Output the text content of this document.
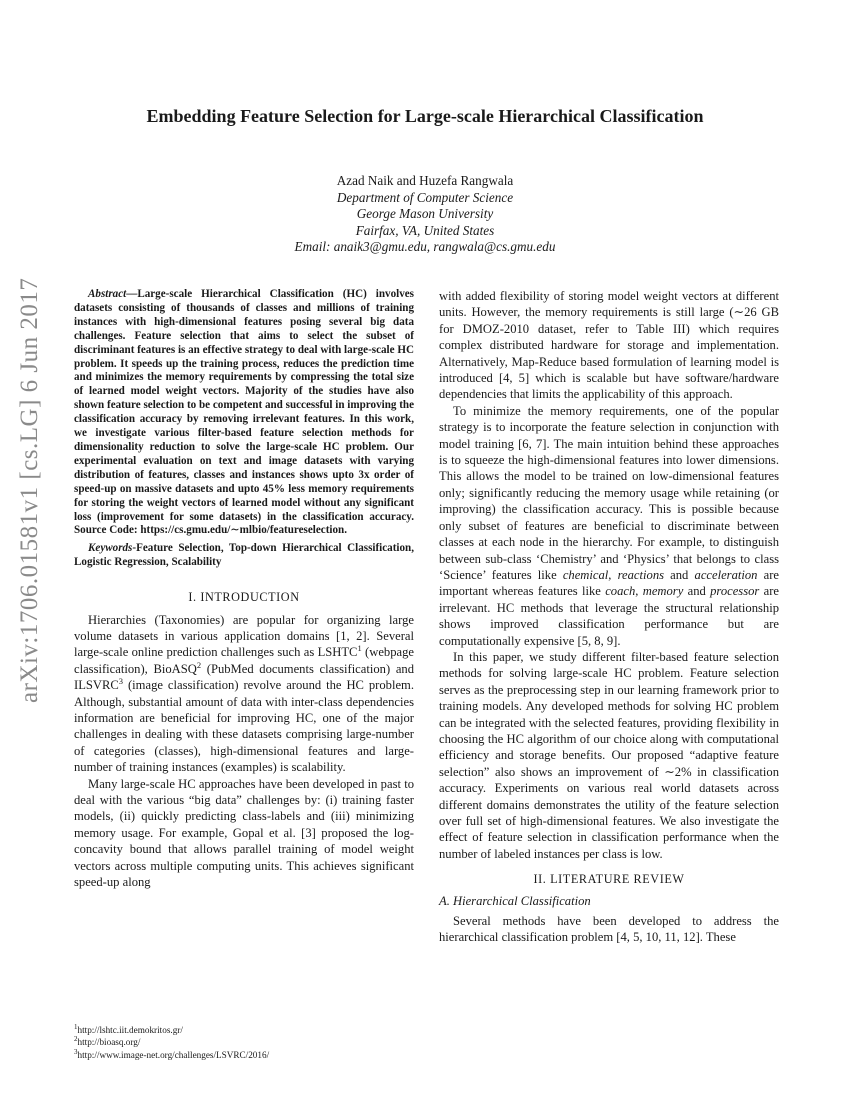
arXiv:1706.01581v1 [cs.LG] 6 Jun 2017
Embedding Feature Selection for Large-scale Hierarchical Classification
Azad Naik and Huzefa Rangwala
Department of Computer Science
George Mason University
Fairfax, VA, United States
Email: anaik3@gmu.edu, rangwala@cs.gmu.edu

Abstract—Large-scale Hierarchical Classification (HC) involves datasets consisting of thousands of classes and millions of training instances with high-dimensional features posing several big data challenges. Feature selection that aims to select the subset of discriminant features is an effective strategy to deal with large-scale HC problem. It speeds up the training process, reduces the prediction time and minimizes the memory requirements by compressing the total size of learned model weight vectors. Majority of the studies have also shown feature selection to be competent and successful in improving the classification accuracy by removing irrelevant features. In this work, we investigate various filter-based feature selection methods for dimensionality reduction to solve the large-scale HC problem. Our experimental evaluation on text and image datasets with varying distribution of features, classes and instances shows upto 3x order of speed-up on massive datasets and upto 45% less memory requirements for storing the weight vectors of learned model without any significant loss (improvement for some datasets) in the classification accuracy. Source Code: https://cs.gmu.edu/∼mlbio/featureselection.

Keywords-Feature Selection, Top-down Hierarchical Classification, Logistic Regression, Scalability

I. INTRODUCTION

Hierarchies (Taxonomies) are popular for organizing large volume datasets in various application domains [1, 2]. Several large-scale online prediction challenges such as LSHTC$^1$ (webpage classification), BioASQ$^2$ (PubMed documents classification) and ILSVRC$^3$ (image classification) revolve around the HC problem. Although, substantial amount of data with inter-class dependencies information are beneficial for improving HC, one of the major challenges in dealing with these datasets comprising large-number of categories (classes), high-dimensional features and large-number of training instances (examples) is scalability.

Many large-scale HC approaches have been developed in past to deal with the various “big data” challenges by: (i) training faster models, (ii) quickly predicting class-labels and (iii) minimizing memory usage. For example, Gopal et al. [3] proposed the log-concavity bound that allows parallel training of model weight vectors across multiple computing units. This achieves significant speed-up along

with added flexibility of storing model weight vectors at different units. However, the memory requirements is still large (∼26 GB for DMOZ-2010 dataset, refer to Table III) which requires complex distributed hardware for storage and implementation. Alternatively, Map-Reduce based formulation of learning model is introduced [4, 5] which is scalable but have software/hardware dependencies that limits the applicability of this approach.

To minimize the memory requirements, one of the popular strategy is to incorporate the feature selection in conjunction with model training [6, 7]. The main intuition behind these approaches is to squeeze the high-dimensional features into lower dimensions. This allows the model to be trained on low-dimensional features only; significantly reducing the memory usage while retaining (or improving) the classification accuracy. This is possible because only subset of features are beneficial to discriminate between classes at each node in the hierarchy. For example, to distinguish between sub-class ‘Chemistry’ and ‘Physics’ that belongs to class ‘Science’ features like chemical, reactions and acceleration are important whereas features like coach, memory and processor are irrelevant. HC methods that leverage the structural relationship shows improved classification performance but are computationally expensive [5, 8, 9].

In this paper, we study different filter-based feature selection methods for solving large-scale HC problem. Feature selection serves as the preprocessing step in our learning framework prior to training models. Any developed methods for solving HC problem can be integrated with the selected features, providing flexibility in choosing the HC algorithm of our choice along with computational efficiency and storage benefits. Our proposed “adaptive feature selection” also shows an improvement of ∼2% in classification accuracy. Experiments on various real world datasets across different domains demonstrates the utility of the feature selection over full set of high-dimensional features. We also investigate the effect of feature selection in classification performance when the number of labeled instances per class is low.

II. LITERATURE REVIEW
A. Hierarchical Classification

Several methods have been developed to address the hierarchical classification problem [4, 5, 10, 11, 12]. These

$^1$http://lshtc.iit.demokritos.gr/
$^2$http://bioasq.org/
$^3$http://www.image-net.org/challenges/LSVRC/2016/
